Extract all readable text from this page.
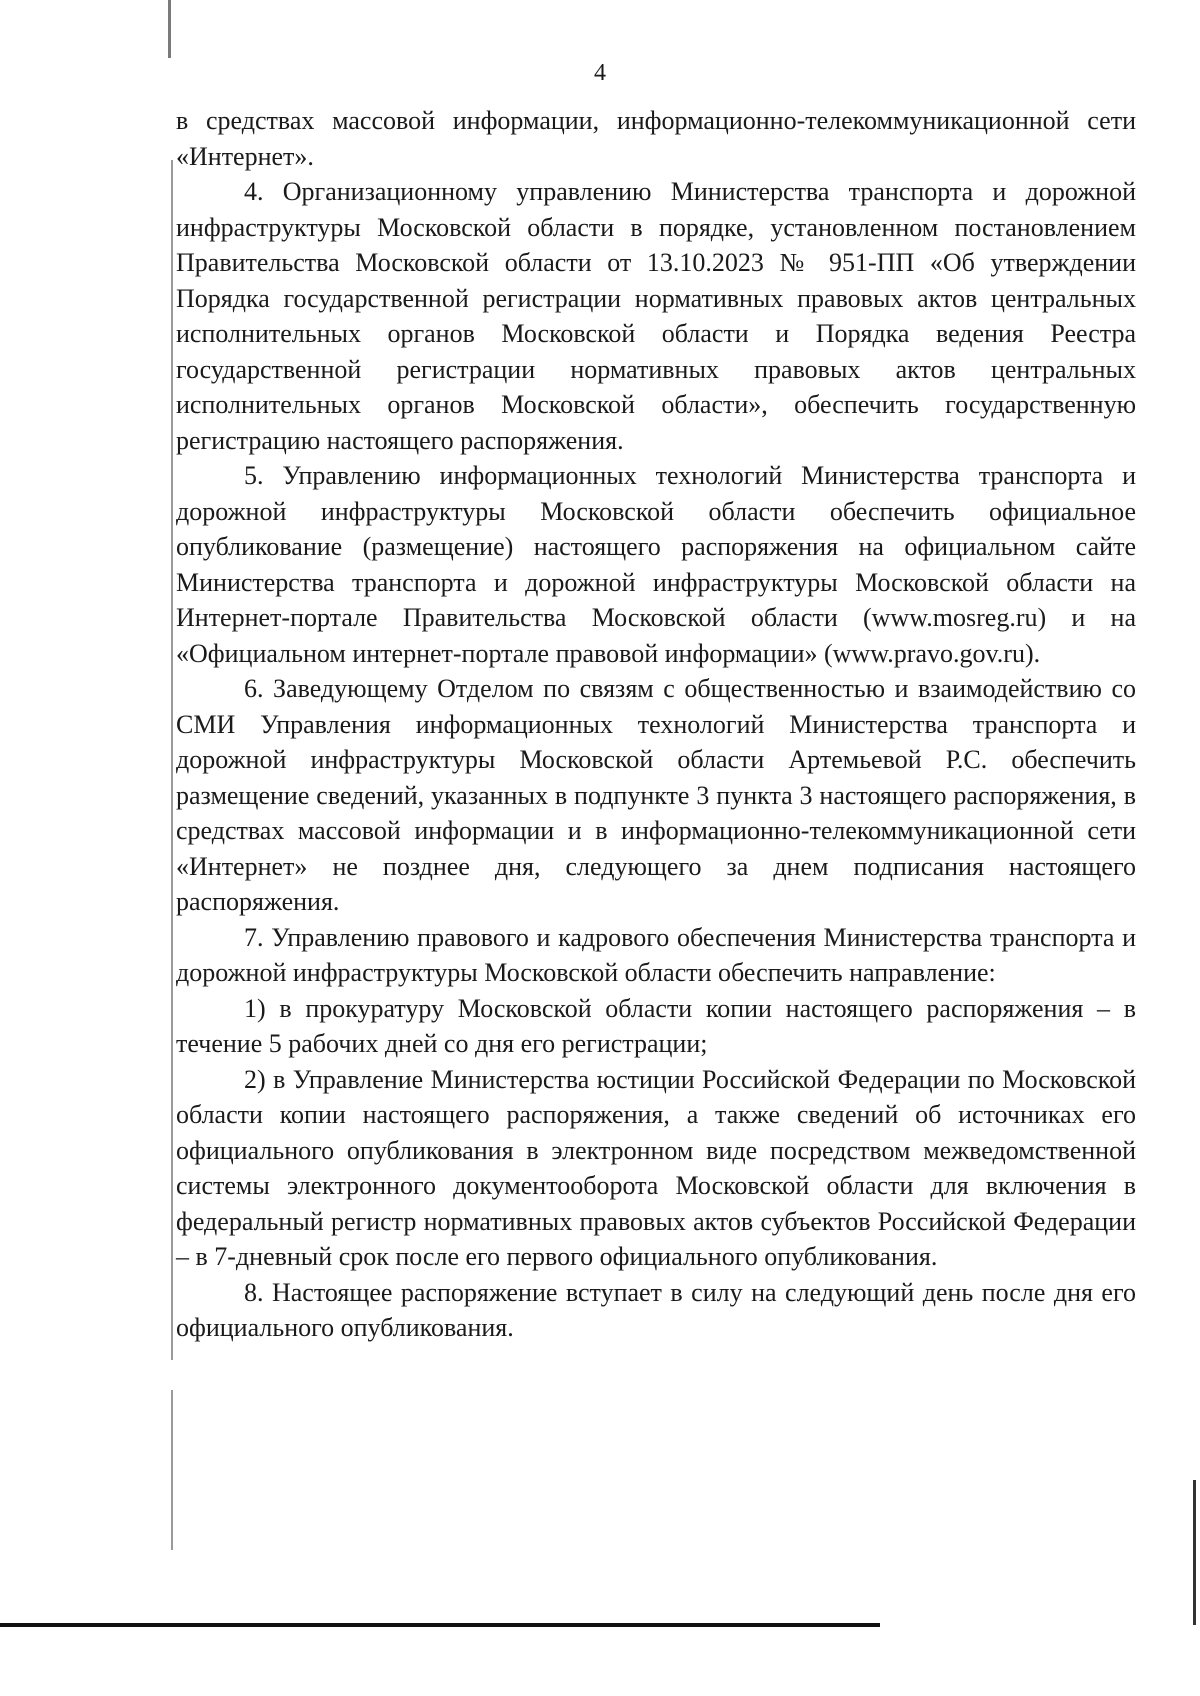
4

в средствах массовой информации, информационно-телекоммуникационной сети «Интернет».

4. Организационному управлению Министерства транспорта и дорожной инфраструктуры Московской области в порядке, установленном постановлением Правительства Московской области от 13.10.2023 № 951-ПП «Об утверждении Порядка государственной регистрации нормативных правовых актов центральных исполнительных органов Московской области и Порядка ведения Реестра государственной регистрации нормативных правовых актов центральных исполнительных органов Московской области», обеспечить государственную регистрацию настоящего распоряжения.

5. Управлению информационных технологий Министерства транспорта и дорожной инфраструктуры Московской области обеспечить официальное опубликование (размещение) настоящего распоряжения на официальном сайте Министерства транспорта и дорожной инфраструктуры Московской области на Интернет-портале Правительства Московской области (www.mosreg.ru) и на «Официальном интернет-портале правовой информации» (www.pravo.gov.ru).

6. Заведующему Отделом по связям с общественностью и взаимодействию со СМИ Управления информационных технологий Министерства транспорта и дорожной инфраструктуры Московской области Артемьевой Р.С. обеспечить размещение сведений, указанных в подпункте 3 пункта 3 настоящего распоряжения, в средствах массовой информации и в информационно-телекоммуникационной сети «Интернет» не позднее дня, следующего за днем подписания настоящего распоряжения.

7. Управлению правового и кадрового обеспечения Министерства транспорта и дорожной инфраструктуры Московской области обеспечить направление:

1) в прокуратуру Московской области копии настоящего распоряжения – в течение 5 рабочих дней со дня его регистрации;

2) в Управление Министерства юстиции Российской Федерации по Московской области копии настоящего распоряжения, а также сведений об источниках его официального опубликования в электронном виде посредством межведомственной системы электронного документооборота Московской области для включения в федеральный регистр нормативных правовых актов субъектов Российской Федерации – в 7-дневный срок после его первого официального опубликования.

8. Настоящее распоряжение вступает в силу на следующий день после дня его официального опубликования.
